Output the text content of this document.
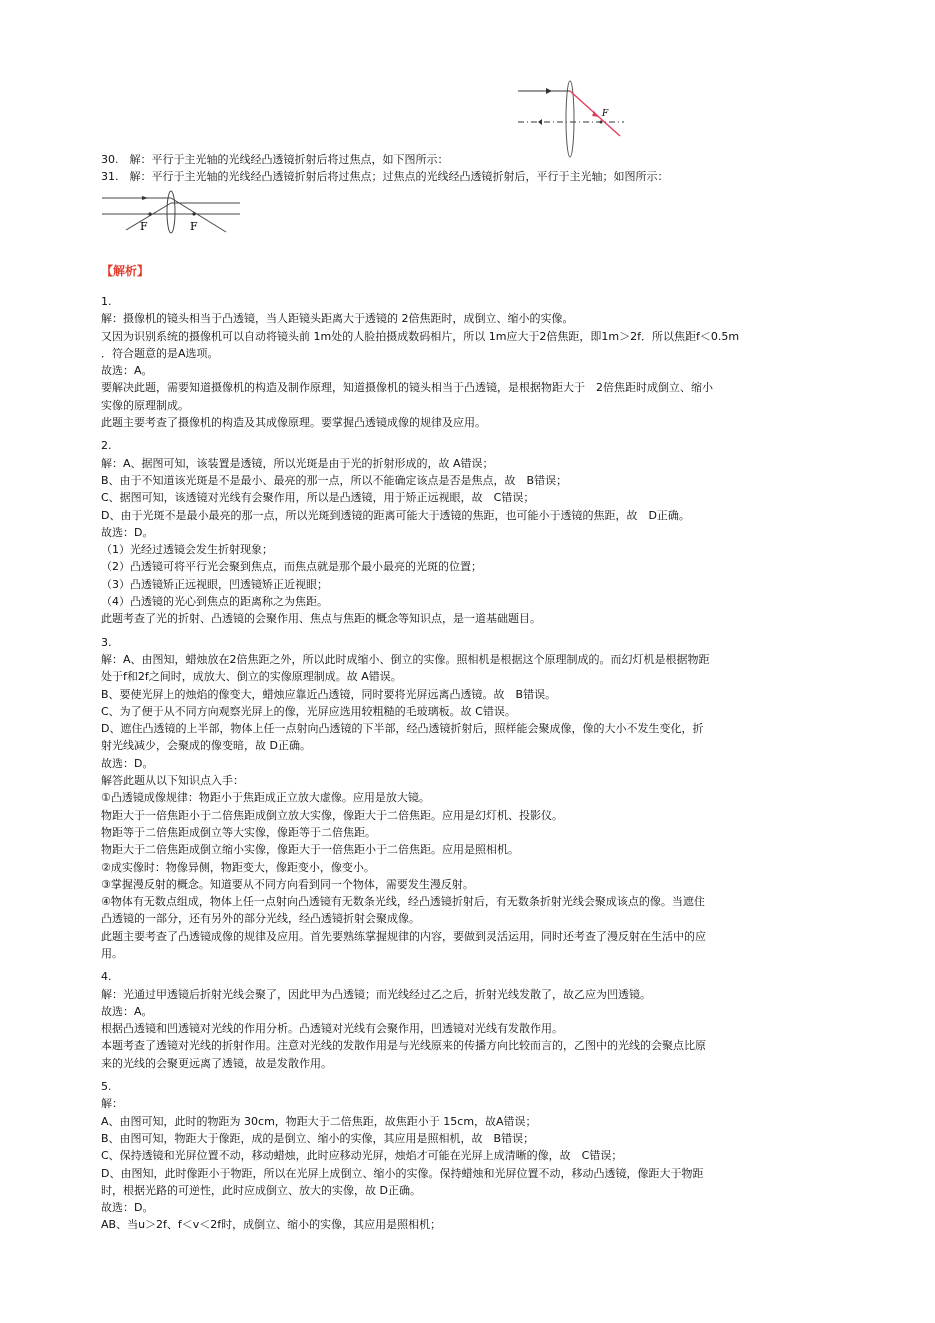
F
30.　解：平行于主光轴的光线经凸透镜折射后将过焦点，如下图所示：
31.　解：平行于主光轴的光线经凸透镜折射后将过焦点；过焦点的光线经凸透镜折射后，平行于主光轴；如图所示：
F	F
【解析】
1.
解：摄像机的镜头相当于凸透镜，当人距镜头距离大于透镜的 2倍焦距时，成倒立、缩小的实像。
又因为识别系统的摄像机可以自动将镜头前 1m处的人脸拍摄成数码相片，所以 1m应大于2倍焦距，即1m＞2f．所以焦距f＜0.5m
．符合题意的是A选项。
故选：A。
要解决此题，需要知道摄像机的构造及制作原理，知道摄像机的镜头相当于凸透镜，是根据物距大于　2倍焦距时成倒立、缩小
实像的原理制成。
此题主要考查了摄像机的构造及其成像原理。要掌握凸透镜成像的规律及应用。
2.
解：A、据图可知，该装置是透镜，所以光斑是由于光的折射形成的，故 A错误；
B、由于不知道该光斑是不是最小、最亮的那一点，所以不能确定该点是否是焦点，故　B错误；
C、据图可知，该透镜对光线有会聚作用，所以是凸透镜，用于矫正远视眼，故　C错误；
D、由于光斑不是最小最亮的那一点，所以光斑到透镜的距离可能大于透镜的焦距，也可能小于透镜的焦距，故　D正确。
故选：D。
（1）光经过透镜会发生折射现象；
（2）凸透镜可将平行光会聚到焦点，而焦点就是那个最小最亮的光斑的位置；
（3）凸透镜矫正远视眼，凹透镜矫正近视眼；
（4）凸透镜的光心到焦点的距离称之为焦距。
此题考查了光的折射、凸透镜的会聚作用、焦点与焦距的概念等知识点，是一道基础题目。
3.
解：A、由图知，蜡烛放在2倍焦距之外，所以此时成缩小、倒立的实像。照相机是根据这个原理制成的。而幻灯机是根据物距
处于f和2f之间时，成放大、倒立的实像原理制成。故 A错误。
B、要使光屏上的烛焰的像变大，蜡烛应靠近凸透镜，同时要将光屏远离凸透镜。故　B错误。
C、为了便于从不同方向观察光屏上的像，光屏应选用较粗糙的毛玻璃板。故 C错误。
D、遮住凸透镜的上半部，物体上任一点射向凸透镜的下半部，经凸透镜折射后，照样能会聚成像，像的大小不发生变化，折
射光线减少，会聚成的像变暗，故 D正确。
故选：D。
解答此题从以下知识点入手：
①凸透镜成像规律：物距小于焦距成正立放大虚像。应用是放大镜。
物距大于一倍焦距小于二倍焦距成倒立放大实像，像距大于二倍焦距。应用是幻灯机、投影仪。
物距等于二倍焦距成倒立等大实像，像距等于二倍焦距。
物距大于二倍焦距成倒立缩小实像，像距大于一倍焦距小于二倍焦距。应用是照相机。
②成实像时：物像异侧，物距变大，像距变小，像变小。
③掌握漫反射的概念。知道要从不同方向看到同一个物体，需要发生漫反射。
④物体有无数点组成，物体上任一点射向凸透镜有无数条光线，经凸透镜折射后，有无数条折射光线会聚成该点的像。当遮住
凸透镜的一部分，还有另外的部分光线，经凸透镜折射会聚成像。
此题主要考查了凸透镜成像的规律及应用。首先要熟练掌握规律的内容，要做到灵活运用，同时还考查了漫反射在生活中的应
用。
4.
解：光通过甲透镜后折射光线会聚了，因此甲为凸透镜；而光线经过乙之后，折射光线发散了，故乙应为凹透镜。
故选：A。
根据凸透镜和凹透镜对光线的作用分析。凸透镜对光线有会聚作用，凹透镜对光线有发散作用。
本题考查了透镜对光线的折射作用。注意对光线的发散作用是与光线原来的传播方向比较而言的，乙图中的光线的会聚点比原
来的光线的会聚更远离了透镜，故是发散作用。
5.
解：
A、由图可知，此时的物距为 30cm，物距大于二倍焦距，故焦距小于 15cm，故A错误；
B、由图可知，物距大于像距，成的是倒立、缩小的实像，其应用是照相机，故　B错误；
C、保持透镜和光屏位置不动，移动蜡烛，此时应移动光屏，烛焰才可能在光屏上成清晰的像，故　C错误；
D、由图知，此时像距小于物距，所以在光屏上成倒立、缩小的实像。保持蜡烛和光屏位置不动，移动凸透镜，像距大于物距
时，根据光路的可逆性，此时应成倒立、放大的实像，故 D正确。
故选：D。
AB、当u＞2f、f＜v＜2f时，成倒立、缩小的实像，其应用是照相机；
